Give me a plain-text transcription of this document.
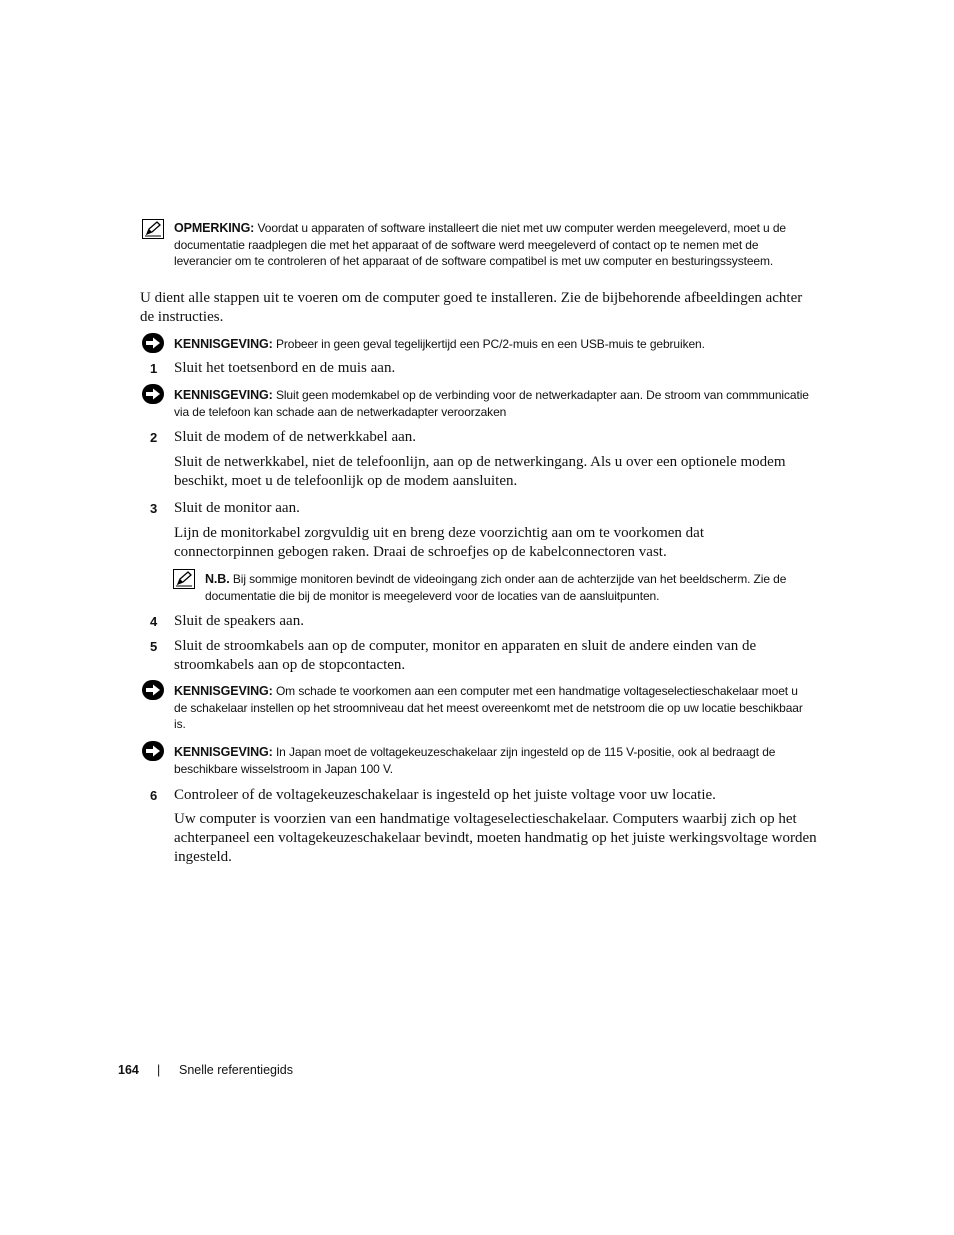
OPMERKING: Voordat u apparaten of software installeert die niet met uw computer werden meegeleverd, moet u de documentatie raadplegen die met het apparaat of de software werd meegeleverd of contact op te nemen met de leverancier om te controleren of het apparaat of de software compatibel is met uw computer en besturingssysteem.
U dient alle stappen uit te voeren om de computer goed te installeren. Zie de bijbehorende afbeeldingen achter de instructies.
KENNISGEVING: Probeer in geen geval tegelijkertijd een PC/2-muis en een USB-muis te gebruiken.
1 Sluit het toetsenbord en de muis aan.
KENNISGEVING: Sluit geen modemkabel op de verbinding voor de netwerkadapter aan. De stroom van commmunicatie via de telefoon kan schade aan de netwerkadapter veroorzaken
2 Sluit de modem of de netwerkkabel aan.
Sluit de netwerkkabel, niet de telefoonlijn, aan op de netwerkingang. Als u over een optionele modem beschikt, moet u de telefoonlijk op de modem aansluiten.
3 Sluit de monitor aan.
Lijn de monitorkabel zorgvuldig uit en breng deze voorzichtig aan om te voorkomen dat connectorpinnen gebogen raken. Draai de schroefjes op de kabelconnectoren vast.
N.B. Bij sommige monitoren bevindt de videoingang zich onder aan de achterzijde van het beeldscherm. Zie de documentatie die bij de monitor is meegeleverd voor de locaties van de aansluitpunten.
4 Sluit de speakers aan.
5 Sluit de stroomkabels aan op de computer, monitor en apparaten en sluit de andere einden van de stroomkabels aan op de stopcontacten.
KENNISGEVING: Om schade te voorkomen aan een computer met een handmatige voltageselectieschakelaar moet u de schakelaar instellen op het stroomniveau dat het meest overeenkomt met de netstroom die op uw locatie beschikbaar is.
KENNISGEVING: In Japan moet de voltagekeuzeschakelaar zijn ingesteld op de 115 V-positie, ook al bedraagt de beschikbare wisselstroom in Japan 100 V.
6 Controleer of de voltagekeuzeschakelaar is ingesteld op het juiste voltage voor uw locatie.
Uw computer is voorzien van een handmatige voltageselectieschakelaar. Computers waarbij zich op het achterpaneel een voltagekeuzeschakelaar bevindt, moeten handmatig op het juiste werkingsvoltage worden ingesteld.
164 | Snelle referentiegids
